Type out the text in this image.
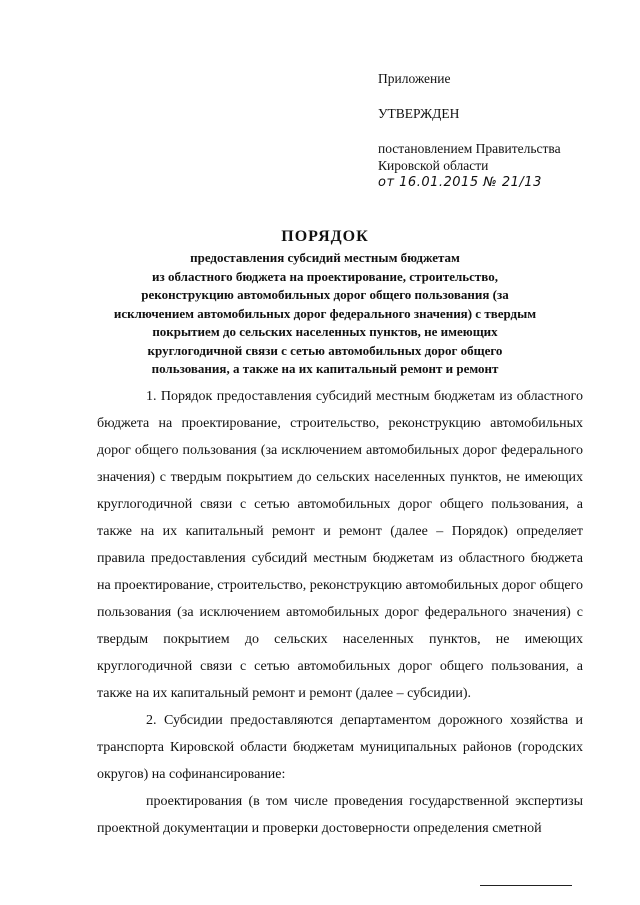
Приложение
УТВЕРЖДЕН
постановлением Правительства
Кировской области
от 16.01.2015 № 21/13
ПОРЯДОК
предоставления субсидий местным бюджетам
из областного бюджета на проектирование, строительство,
реконструкцию автомобильных дорог общего пользования (за
исключением автомобильных дорог федерального значения) с твердым
покрытием до сельских населенных пунктов, не имеющих
круглогодичной связи с сетью автомобильных дорог общего
пользования, а также на их капитальный ремонт и ремонт

1. Порядок предоставления субсидий местным бюджетам из областного бюджета на проектирование, строительство, реконструкцию автомобильных дорог общего пользования (за исключением автомобильных дорог федерального значения) с твердым покрытием до сельских населенных пунктов, не имеющих круглогодичной связи с сетью автомобильных дорог общего пользования, а также на их капитальный ремонт и ремонт (далее – Порядок) определяет правила предоставления субсидий местным бюджетам из областного бюджета на проектирование, строительство, реконструкцию автомобильных дорог общего пользования (за исключением автомобильных дорог федерального значения) с твердым покрытием до сельских населенных пунктов, не имеющих круглогодичной связи с сетью автомобильных дорог общего пользования, а также на их капитальный ремонт и ремонт (далее – субсидии).

2. Субсидии предоставляются департаментом дорожного хозяйства и транспорта Кировской области бюджетам муниципальных районов (городских округов) на софинансирование:

проектирования (в том числе проведения государственной экспертизы проектной документации и проверки достоверности определения сметной
